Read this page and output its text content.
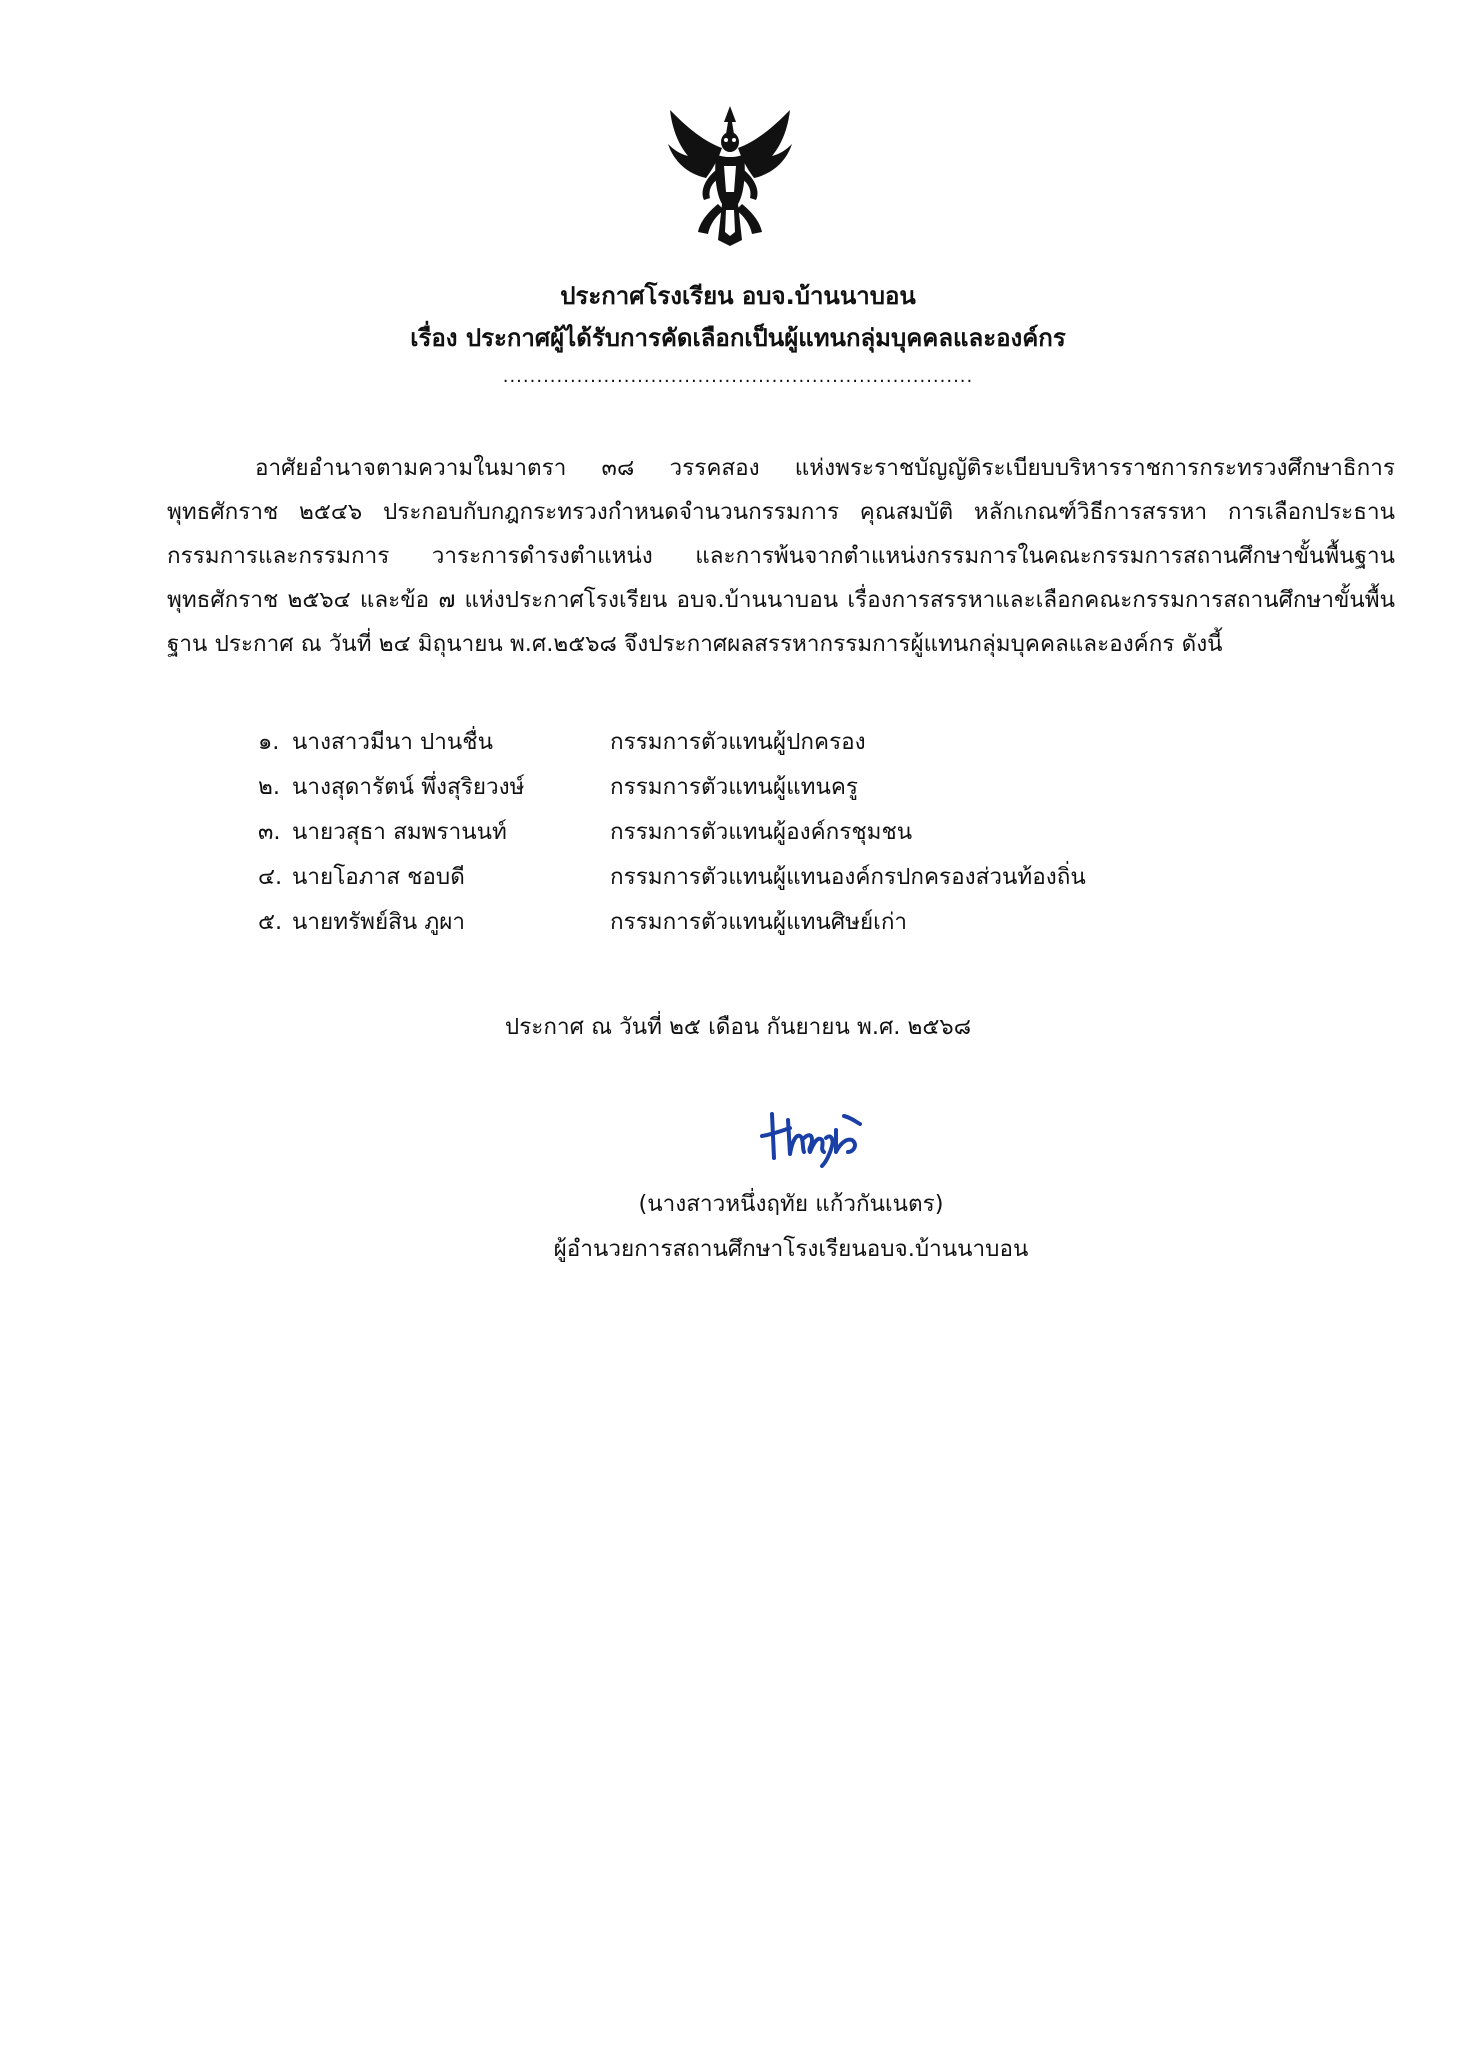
ประกาศโรงเรียน อบจ.บ้านนาบอน
เรื่อง ประกาศผู้ได้รับการคัดเลือกเป็นผู้แทนกลุ่มบุคคลและองค์กร
......................................................................

อาศัยอำนาจตามความในมาตรา ๓๘ วรรคสอง แห่งพระราชบัญญัติระเบียบบริหารราชการกระทรวงศึกษาธิการ พุทธศักราช ๒๕๔๖ ประกอบกับกฎกระทรวงกำหนดจำนวนกรรมการ คุณสมบัติ หลักเกณฑ์วิธีการสรรหา การเลือกประธานกรรมการและกรรมการ วาระการดำรงตำแหน่ง และการพ้นจากตำแหน่งกรรมการในคณะกรรมการสถานศึกษาขั้นพื้นฐาน พุทธศักราช ๒๕๖๔ และข้อ ๗ แห่งประกาศโรงเรียน อบจ.บ้านนาบอน เรื่องการสรรหาและเลือกคณะกรรมการสถานศึกษาขั้นพื้นฐาน ประกาศ ณ วันที่ ๒๔ มิถุนายน พ.ศ.๒๕๖๘ จึงประกาศผลสรรหากรรมการผู้แทนกลุ่มบุคคลและองค์กร ดังนี้

๑. นางสาวมีนา ปานชื่น	กรรมการตัวแทนผู้ปกครอง
๒. นางสุดารัตน์ พึ่งสุริยวงษ์	กรรมการตัวแทนผู้แทนครู
๓. นายวสุธา สมพรานนท์	กรรมการตัวแทนผู้องค์กรชุมชน
๔. นายโอภาส ชอบดี	กรรมการตัวแทนผู้แทนองค์กรปกครองส่วนท้องถิ่น
๕. นายทรัพย์สิน ภูผา	กรรมการตัวแทนผู้แทนศิษย์เก่า
ประกาศ ณ วันที่ ๒๕ เดือน กันยายน พ.ศ. ๒๕๖๘
(นางสาวหนึ่งฤทัย แก้วกันเนตร)
ผู้อำนวยการสถานศึกษาโรงเรียนอบจ.บ้านนาบอน
